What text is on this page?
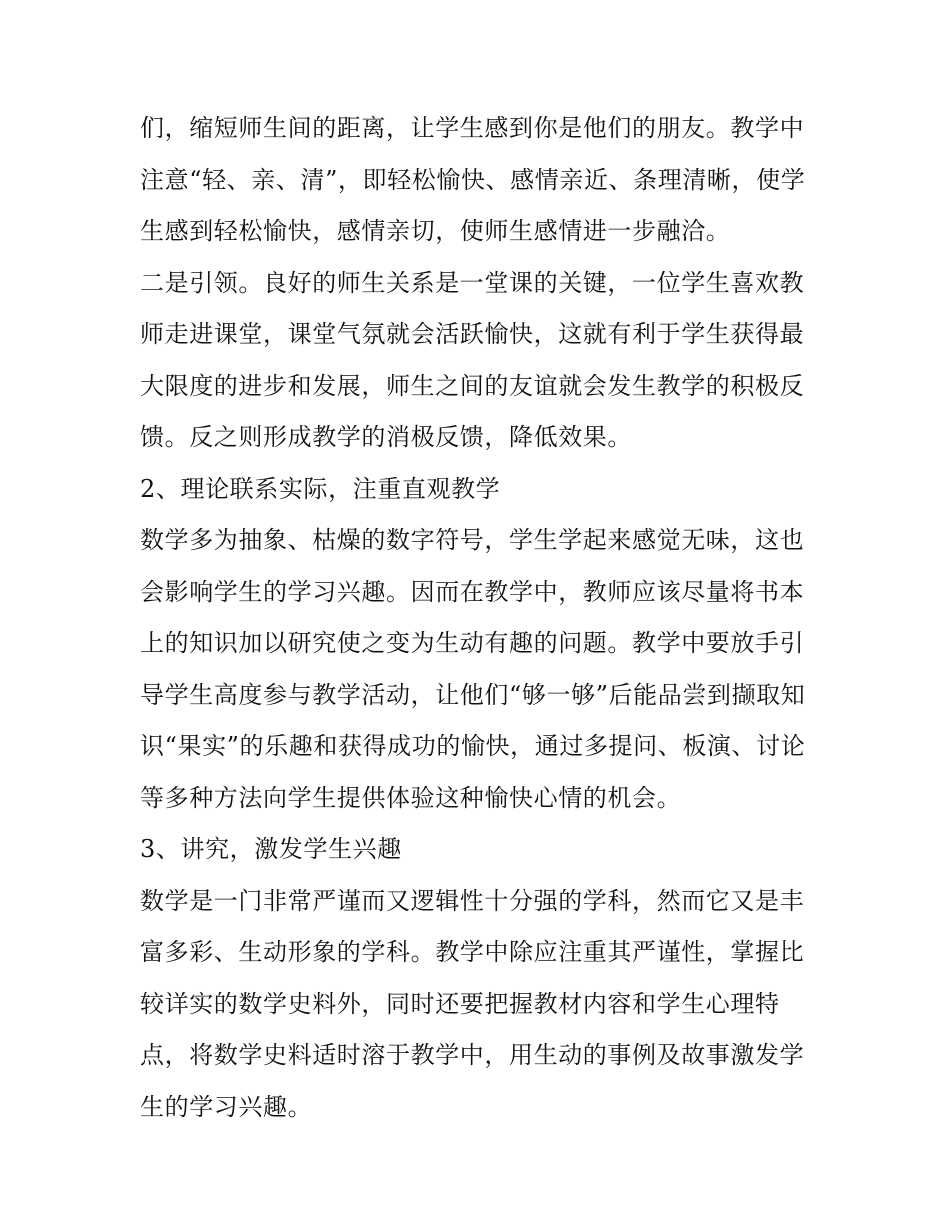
们，缩短师生间的距离，让学生感到你是他们的朋友。教学中
注意“轻、亲、清”，即轻松愉快、感情亲近、条理清晰，使学
生感到轻松愉快，感情亲切，使师生感情进一步融洽。
二是引领。良好的师生关系是一堂课的关键，一位学生喜欢教
师走进课堂，课堂气氛就会活跃愉快，这就有利于学生获得最
大限度的进步和发展，师生之间的友谊就会发生教学的积极反
馈。反之则形成教学的消极反馈，降低效果。
2、理论联系实际，注重直观教学
数学多为抽象、枯燥的数字符号，学生学起来感觉无味，这也
会影响学生的学习兴趣。因而在教学中，教师应该尽量将书本
上的知识加以研究使之变为生动有趣的问题。教学中要放手引
导学生高度参与教学活动，让他们“够一够”后能品尝到撷取知
识“果实”的乐趣和获得成功的愉快，通过多提问、板演、讨论
等多种方法向学生提供体验这种愉快心情的机会。
3、讲究，激发学生兴趣
数学是一门非常严谨而又逻辑性十分强的学科，然而它又是丰
富多彩、生动形象的学科。教学中除应注重其严谨性，掌握比
较详实的数学史料外，同时还要把握教材内容和学生心理特
点，将数学史料适时溶于教学中，用生动的事例及故事激发学
生的学习兴趣。
